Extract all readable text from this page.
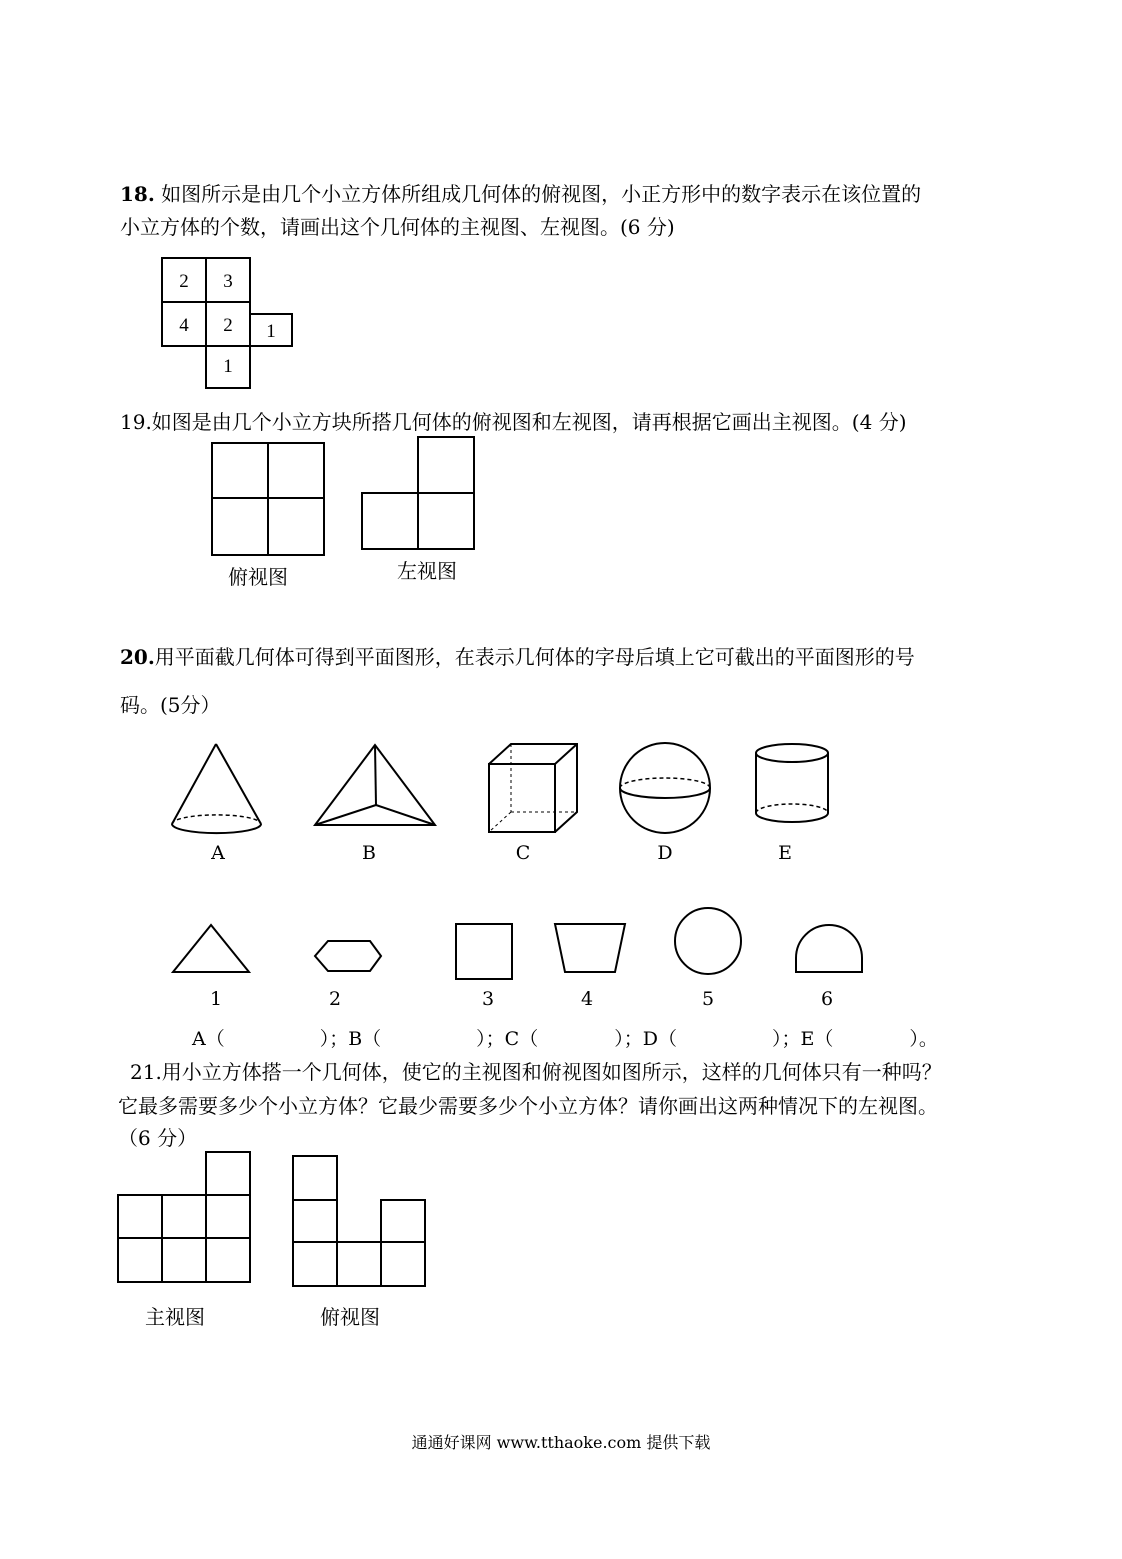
18. 如图所示是由几个小立方体所组成几何体的俯视图，小正方形中的数字表示在该位置的
小立方体的个数，请画出这个几何体的主视图、左视图。(6 分)
2 3
4 2 1
1
19.如图是由几个小立方块所搭几何体的俯视图和左视图，请再根据它画出主视图。(4 分)
俯视图	左视图
20.用平面截几何体可得到平面图形，在表示几何体的字母后填上它可截出的平面图形的号
码。(5分）
A	B	C	D	E
1	2	3	4	5	6
A（　　　　　）；B（　　　　　）；C（　　　　）；D（　　　　　）；E（　　　　）。
21.用小立方体搭一个几何体，使它的主视图和俯视图如图所示，这样的几何体只有一种吗？
它最多需要多少个小立方体？它最少需要多少个小立方体？请你画出这两种情况下的左视图。
（6 分）
主视图	俯视图
通通好课网 www.tthaoke.com 提供下载
